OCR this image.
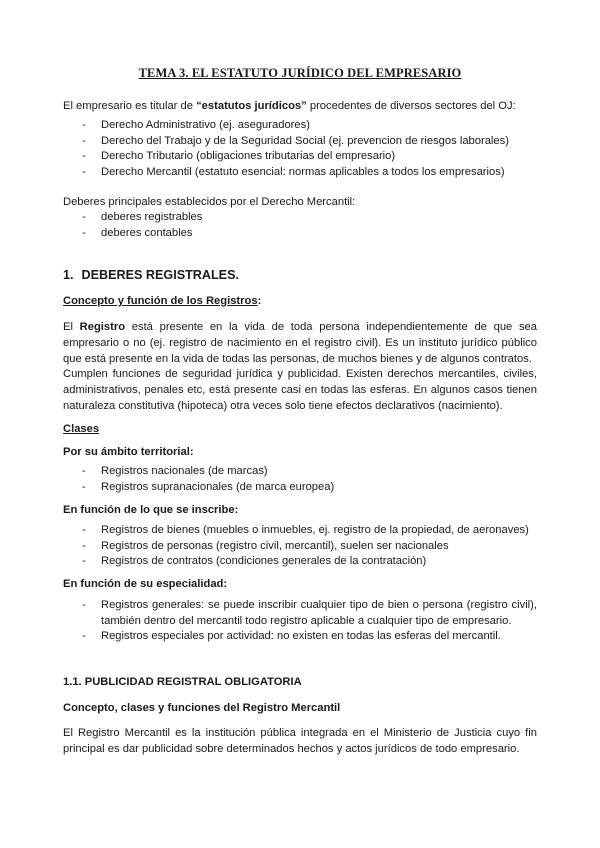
TEMA 3. EL ESTATUTO JURÍDICO DEL EMPRESARIO

El empresario es titular de “estatutos jurídicos” procedentes de diversos sectores del OJ:

- Derecho Administrativo (ej. aseguradores)
- Derecho del Trabajo y de la Seguridad Social (ej. prevencion de riesgos laborales)
- Derecho Tributario (obligaciones tributarias del empresario)
- Derecho Mercantil (estatuto esencial: normas aplicables a todos los empresarios)

Deberes principales establecidos por el Derecho Mercantil:

- deberes registrables
- deberes contables
1. DEBERES REGISTRALES.
Concepto y función de los Registros:

El Registro está presente en la vida de toda persona independientemente de que sea empresario o no (ej. registro de nacimiento en el registro civil). Es un instituto jurídico público que está presente en la vida de todas las personas, de muchos bienes y de algunos contratos.

Cumplen funciones de seguridad jurídica y publicidad. Existen derechos mercantiles, civiles, administrativos, penales etc, está presente casi en todas las esferas. En algunos casos tienen naturaleza constitutiva (hipoteca) otra veces solo tiene efectos declarativos (nacimiento).

Clases
Por su ámbito territorial:
- Registros nacionales (de marcas)
- Registros supranacionales (de marca europea)
En función de lo que se inscribe:
- Registros de bienes (muebles o inmuebles, ej. registro de la propiedad, de aeronaves)
- Registros de personas (registro civil, mercantil), suelen ser nacionales
- Registros de contratos (condiciones generales de la contratación)
En función de su especialidad:
- Registros generales: se puede inscribir cualquier tipo de bien o persona (registro civil), también dentro del mercantil todo registro aplicable a cualquier tipo de empresario.
- Registros especiales por actividad: no existen en todas las esferas del mercantil.
1.1. PUBLICIDAD REGISTRAL OBLIGATORIA
Concepto, clases y funciones del Registro Mercantil

El Registro Mercantil es la institución pública integrada en el Ministerio de Justicia cuyo fin principal es dar publicidad sobre determinados hechos y actos jurídicos de todo empresario.
